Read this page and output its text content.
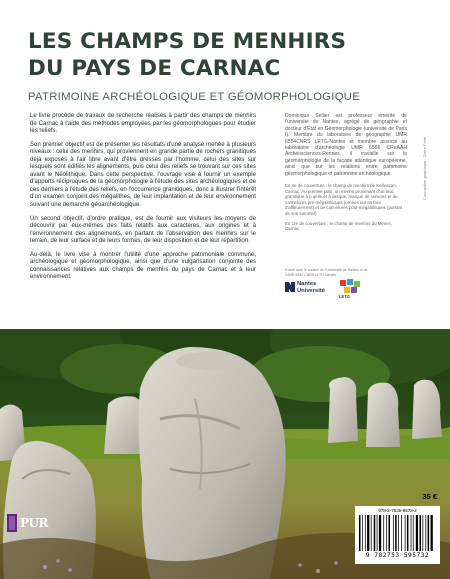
LES CHAMPS DE MENHIRS
DU PAYS DE CARNAC

PATRIMOINE ARCHÉOLOGIQUE ET GÉOMORPHOLOGIQUE

Le livre procède de travaux de recherche réalisés à partir des champs de menhirs de Carnac à l'aide des méthodes employées par les géomorphologues pour étudier les reliefs.

Son premier objectif est de présenter les résultats d'une analyse menée à plusieurs niveaux : celui des menhirs, qui proviennent en grande partie de rochers granitiques déjà exposés à l'air libre avant d'être dressés par l'homme, celui des sites sur lesquels sont édifiés les alignements, puis celui des reliefs se trouvant sur ces sites avant le Néolithique. Dans cette perspective, l'ouvrage vise à fournir un exemple d'apports réciproques de la géomorphologie à l'étude des sites archéologiques et de ces derniers à l'étude des reliefs, en l'occurrence granitiques, donc à illustrer l'intérêt d'un examen conjoint des mégalithes, de leur implantation et de leur environnement suivant une démarche géoarchéologique.

Un second objectif, d'ordre pratique, est de fournir aux visiteurs les moyens de découvrir par eux-mêmes des faits relatifs aux caractères, aux origines et à l'environnement des alignements, en partant de l'observation des menhirs sur le terrain, de leur surface et de leurs formes, de leur disposition et de leur répartition.

Au-delà, le livre vise à montrer l'utilité d'une approche patrimoniale commune, archéologique et géomorphologique, ainsi que d'une vulgarisation conjointe des connaissances relatives aux champs de menhirs du pays de Carnac et à leur environnement.

Dominique Sellier est professeur émérite de l'université de Nantes, agrégé de géographie et docteur d'État en Géomorphologie (université de Paris I). Membre du laboratoire de géographie UMR 6554CNRS LETG-Nantes et membre associé au laboratoire d'archéologie UMR 6566 CReAAH Archéosciences-Rennes, il travaille sur la géomorphologie de la façade atlantique européenne, ainsi que sur les relations entre patrimoine géomorphologique et patrimoine archéologique.

En 4e de couverture : le champ de menhirs de Kerlescan, Carnac. Au premier plan, un menhir provenant d'un bloc granitique à cupule et à vasque, marqué de rainures et de cannelures pré-mégalithiques (ornées sur sa face d'affleurement) et de cannelures post-mégalithiques (portant de son sommet).

En 1re de couverture : le champ de menhirs du Ménec, Carnac.

Publié avec le soutien de l'Université de Nantes et de l'UMR 6554 CNRS LETG Nantes

Nantes
Université
LETG
Conception graphique : Claire Poiré
PUR
35 €
978-2-7535-9573-2
9 782753 595732
